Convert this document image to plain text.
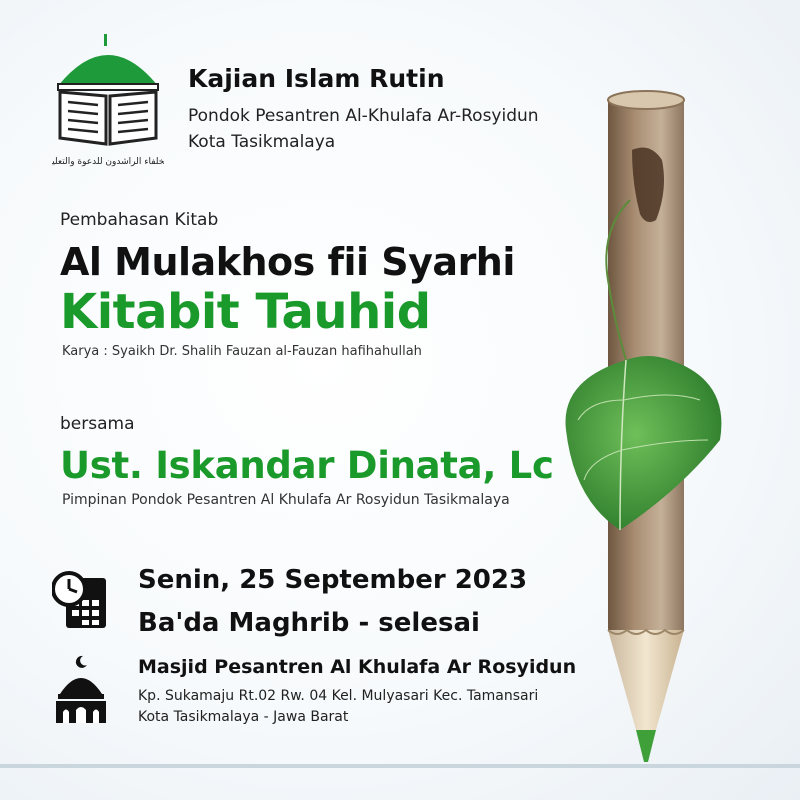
الخلفاء الراشدون للدعوة والتعليم
Kajian Islam Rutin
Pondok Pesantren Al-Khulafa Ar-Rosyidun
Kota Tasikmalaya
Pembahasan Kitab
Al Mulakhos fii Syarhi
Kitabit Tauhid
Karya : Syaikh Dr. Shalih Fauzan al-Fauzan hafihahullah
bersama
Ust. Iskandar Dinata, Lc
Pimpinan Pondok Pesantren Al Khulafa Ar Rosyidun Tasikmalaya
Senin, 25 September 2023
Ba'da Maghrib - selesai
Masjid Pesantren Al Khulafa Ar Rosyidun
Kp. Sukamaju Rt.02 Rw. 04 Kel. Mulyasari Kec. Tamansari
Kota Tasikmalaya - Jawa Barat
